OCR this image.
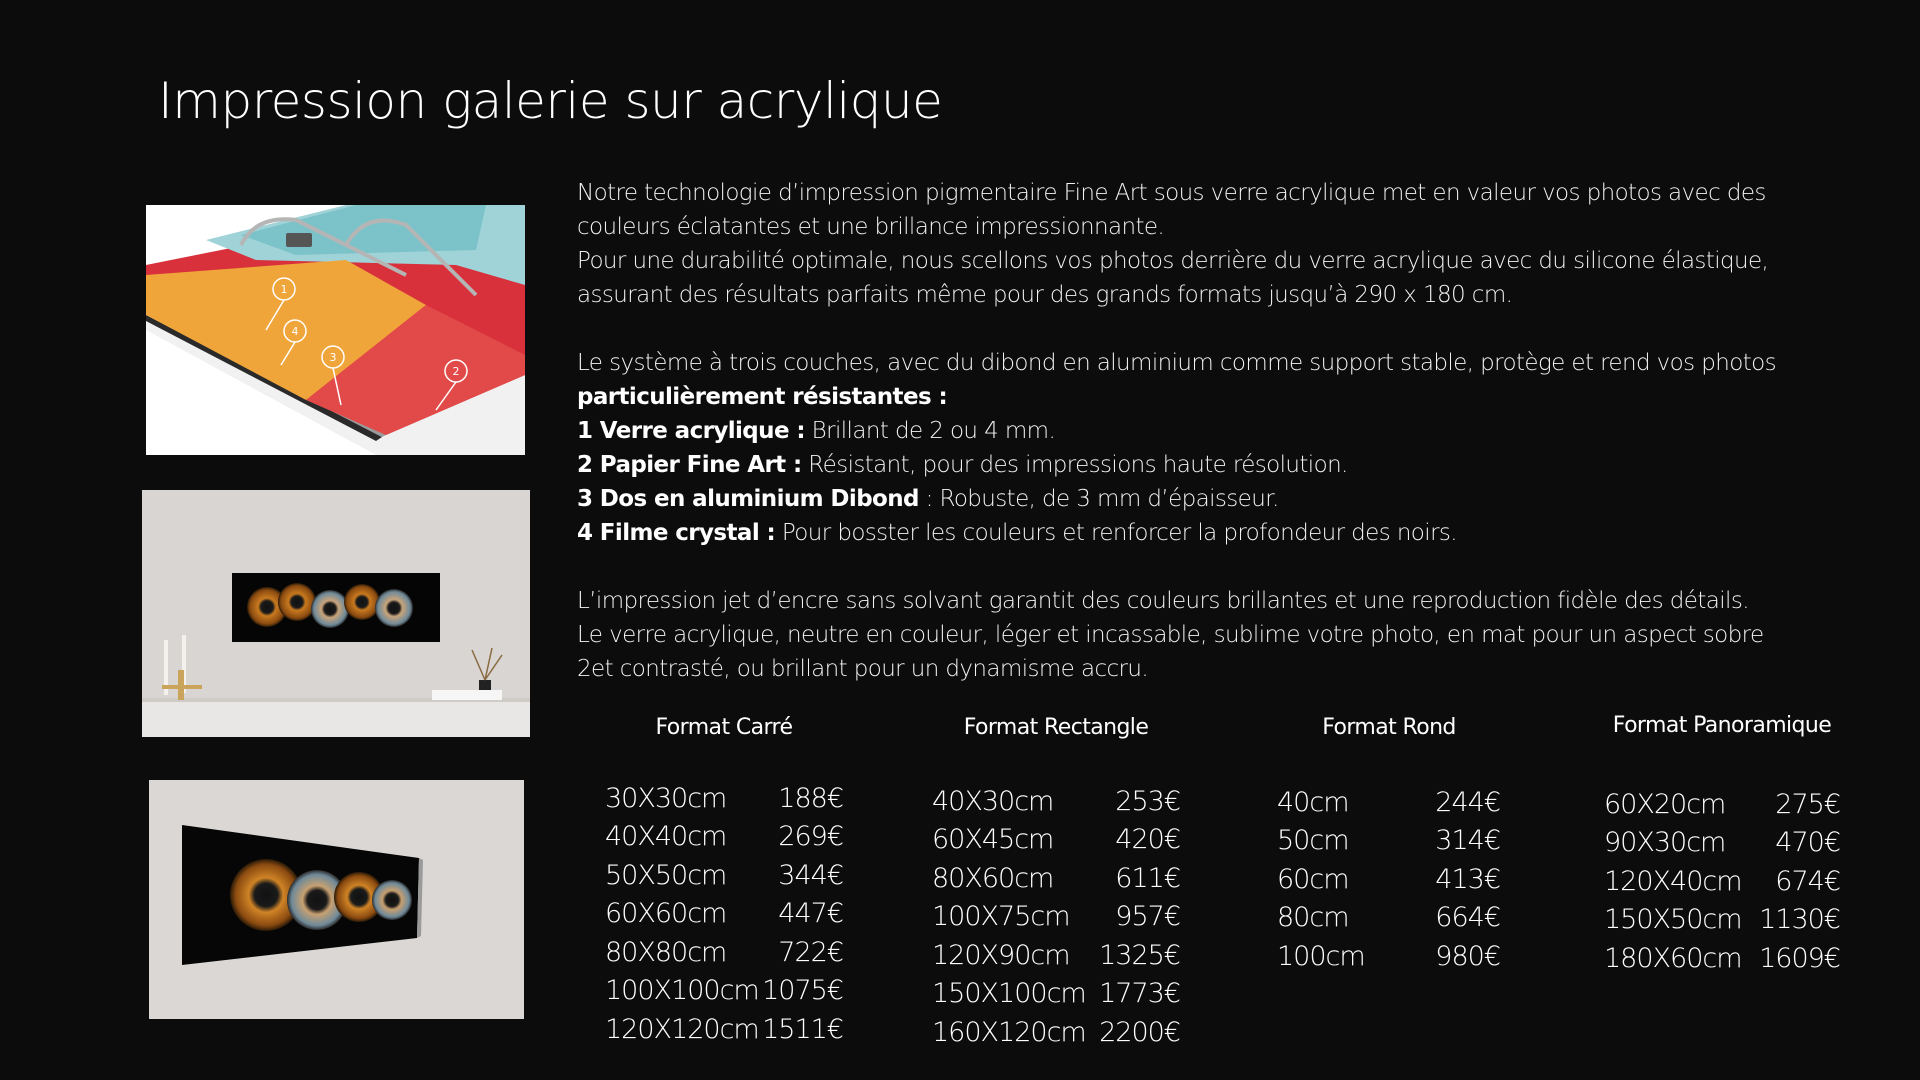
Impression galerie sur acrylique
1
4
3
2

Notre technologie d’impression pigmentaire Fine Art sous verre acrylique met en valeur vos photos avec des

couleurs éclatantes et une brillance impressionnante.

Pour une durabilité optimale, nous scellons vos photos derrière du verre acrylique avec du silicone élastique,

assurant des résultats parfaits même pour des grands formats jusqu’à 290 x 180 cm.

Le système à trois couches, avec du dibond en aluminium comme support stable, protège et rend vos photos

particulièrement résistantes :

1 Verre acrylique : Brillant de 2 ou 4 mm.

2 Papier Fine Art : Résistant, pour des impressions haute résolution.

3 Dos en aluminium Dibond : Robuste, de 3 mm d’épaisseur.

4 Filme crystal : Pour bosster les couleurs et renforcer la profondeur des noirs.

L’impression jet d’encre sans solvant garantit des couleurs brillantes et une reproduction fidèle des détails.

Le verre acrylique, neutre en couleur, léger et incassable, sublime votre photo, en mat pour un aspect sobre

2et contrasté, ou brillant pour un dynamisme accru.

Format Carré
30X30cm 188€
40X40cm 269€
50X50cm 344€
60X60cm 447€
80X80cm 722€
100X100cm 1075€
120X120cm 1511€
Format Rectangle
40X30cm 253€
60X45cm 420€
80X60cm 611€
100X75cm 957€
120X90cm 1325€
150X100cm 1773€
160X120cm 2200€
Format Rond
40cm	244€
50cm	314€
60cm	413€
80cm	664€
100cm	980€
Format Panoramique
60X20cm 275€
90X30cm 470€
120X40cm 674€
150X50cm 1130€
180X60cm 1609€
